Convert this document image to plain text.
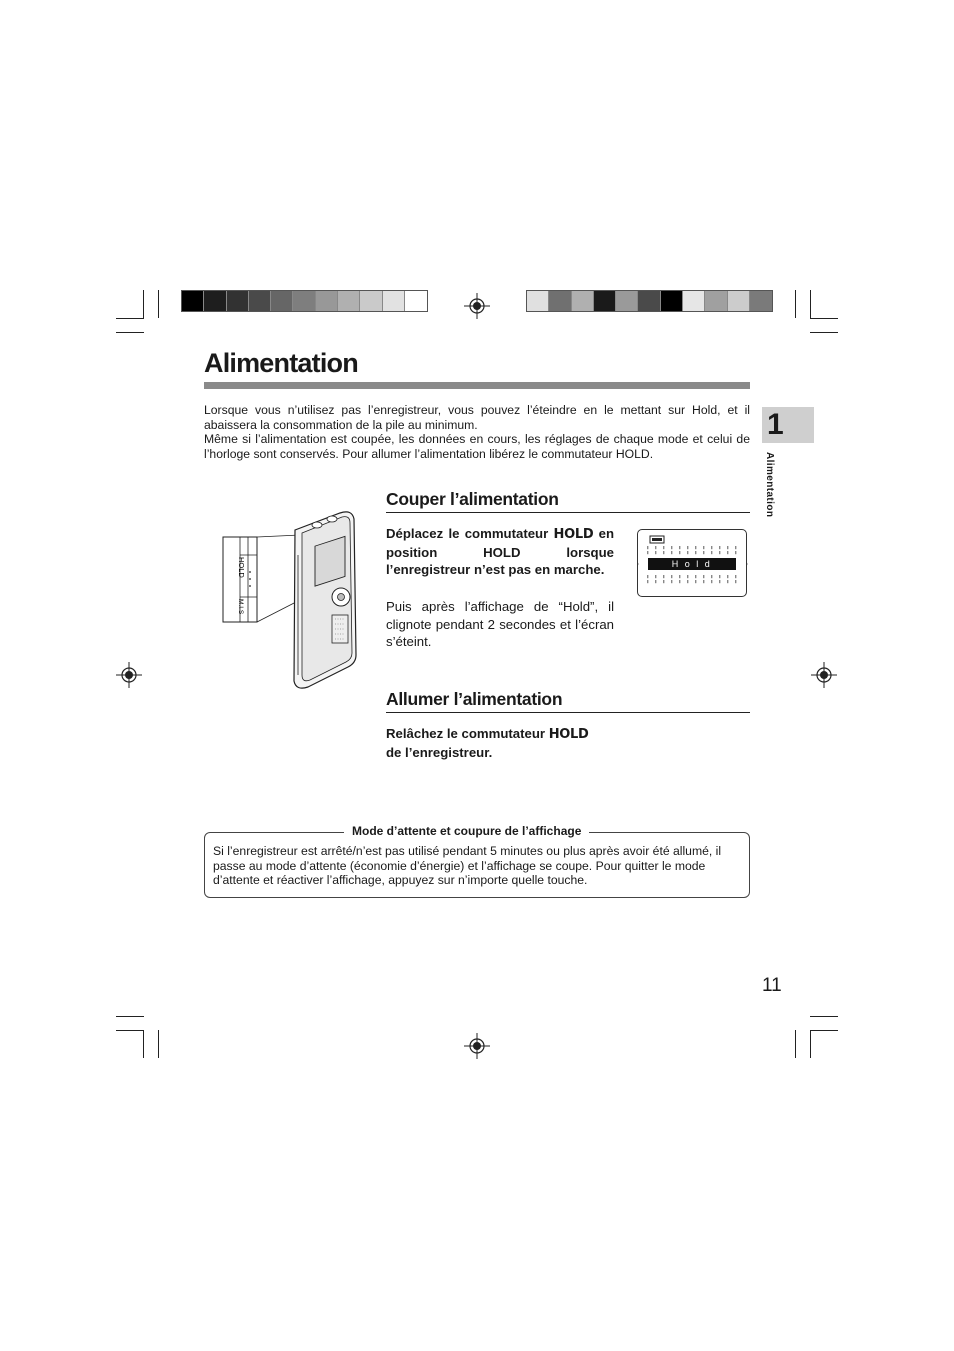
Alimentation

Lorsque vous n’utilisez pas l’enregistreur, vous pouvez l’éteindre en le mettant sur Hold, et il abaissera la consommation de la pile au minimum.

Même si l’alimentation est coupée, les données en cours, les réglages de chaque mode et celui de l’horloge sont conservés. Pour allumer l’alimentation libérez le commutateur HOLD.

1
Alimentation
HOLD
M.I.S
Couper l’alimentation
Déplacez le commutateur HOLD en position HOLD lorsque l’enregistreur n’est pas en marche.
Puis après l’affichage de “Hold”, il clignote pendant 2 secondes et l’écran s’éteint.
Hold
Allumer l’alimentation
Relâchez le commutateur HOLD
de l’enregistreur.
Mode d’attente et coupure de l’affichage
Si l’enregistreur est arrêté/n’est pas utilisé pendant 5 minutes ou plus après avoir été allumé, il passe au mode d’attente (économie d’énergie) et l’affichage se coupe. Pour quitter le mode d’attente et réactiver l’affichage, appuyez sur n’importe quelle touche.
11
